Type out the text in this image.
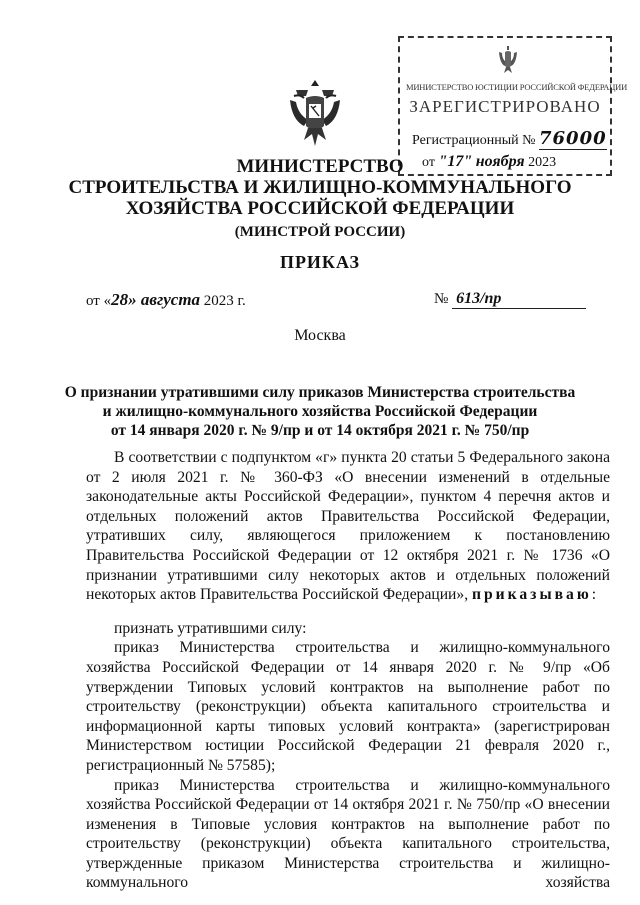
МИНИСТЕРСТВО ЮСТИЦИИ РОССИЙСКОЙ ФЕДЕРАЦИИ
ЗАРЕГИСТРИРОВАНО
Регистрационный № 76000
от "17" ноября 2023
МИНИСТЕРСТВО
СТРОИТЕЛЬСТВА И ЖИЛИЩНО-КОММУНАЛЬНОГО
ХОЗЯЙСТВА РОССИЙСКОЙ ФЕДЕРАЦИИ
(МИНСТРОЙ РОССИИ)
ПРИКАЗ
от «28» августа 2023 г.	№ 613/пр
Москва
О признании утратившими силу приказов Министерства строительства
и жилищно-коммунального хозяйства Российской Федерации
от 14 января 2020 г. № 9/пр и от 14 октября 2021 г. № 750/пр

В соответствии с подпунктом «г» пункта 20 статьи 5 Федерального закона от 2 июля 2021 г. № 360-ФЗ «О внесении изменений в отдельные законодательные акты Российской Федерации», пунктом 4 перечня актов и отдельных положений актов Правительства Российской Федерации, утративших силу, являющегося приложением к постановлению Правительства Российской Федерации от 12 октября 2021 г. № 1736 «О признании утратившими силу некоторых актов и отдельных положений некоторых актов Правительства Российской Федерации», приказываю:

признать утратившими силу:

приказ Министерства строительства и жилищно-коммунального хозяйства Российской Федерации от 14 января 2020 г. № 9/пр «Об утверждении Типовых условий контрактов на выполнение работ по строительству (реконструкции) объекта капитального строительства и информационной карты типовых условий контракта» (зарегистрирован Министерством юстиции Российской Федерации 21 февраля 2020 г., регистрационный № 57585);

приказ Министерства строительства и жилищно-коммунального хозяйства Российской Федерации от 14 октября 2021 г. № 750/пр «О внесении изменения в Типовые условия контрактов на выполнение работ по строительству (реконструкции) объекта капитального строительства, утвержденные приказом Министерства строительства и жилищно-коммунального хозяйства
